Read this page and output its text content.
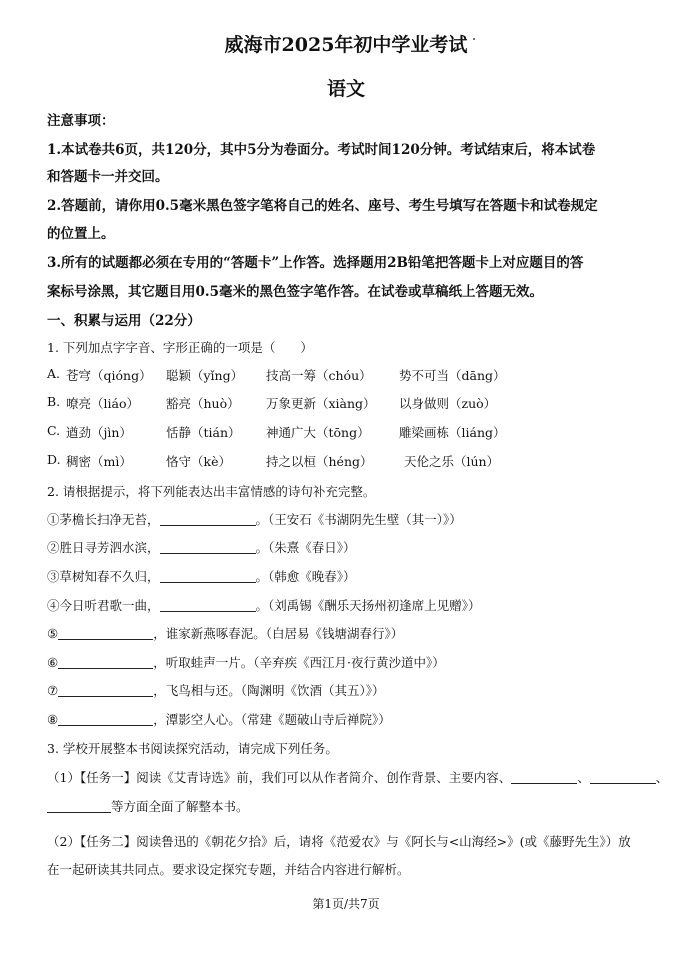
威海市2025年初中学业考试
语文
注意事项：
1.本试卷共6页，共120分，其中5分为卷面分。考试时间120分钟。考试结束后，将本试卷
和答题卡一并交回。
2.答题前，请你用0.5毫米黑色签字笔将自己的姓名、座号、考生号填写在答题卡和试卷规定
的位置上。
3.所有的试题都必须在专用的“答题卡”上作答。选择题用2B铅笔把答题卡上对应题目的答
案标号涂黑，其它题目用0.5毫米的黑色签字笔作答。在试卷或草稿纸上答题无效。
一、积累与运用（22分）
1. 下列加点字字音、字形正确的一项是（　　）
A. 苍穹（qióng） 聪颖（yǐng） 技高一筹（chóu） 势不可当（dāng）
B. 嘹亮（liáo） 豁亮（huò） 万象更新（xiàng） 以身做则（zuò）
C. 遒劲（jìn）	恬静（tián） 神通广大（tōng） 雕梁画栋（liáng）
D. 稠密（mì）	恪守（kè）	持之以桓（héng）	天伦之乐（lún）
2. 请根据提示，将下列能表达出丰富情感的诗句补充完整。
①茅檐长扫净无苔，	。（王安石《书湖阴先生壁（其一）》）
②胜日寻芳泗水滨，	。（朱熹《春日》）
③草树知春不久归，	。（韩愈《晚春》）
④今日听君歌一曲，	。（刘禹锡《酬乐天扬州初逢席上见赠》）
⑤	，谁家新燕啄春泥。（白居易《钱塘湖春行》）
⑥	，听取蛙声一片。（辛弃疾《西江月·夜行黄沙道中》）
⑦	，飞鸟相与还。（陶渊明《饮酒（其五）》）
⑧	，潭影空人心。（常建《题破山寺后禅院》）
3. 学校开展整本书阅读探究活动，请完成下列任务。
（1）【任务一】阅读《艾青诗选》前，我们可以从作者简介、创作背景、主要内容、	、	、
等方面全面了解整本书。
（2）【任务二】阅读鲁迅的《朝花夕拾》后，请将《范爱农》与《阿长与<山海经>》(或《藤野先生》）放
在一起研读其共同点。要求设定探究专题，并结合内容进行解析。
第1页/共7页
